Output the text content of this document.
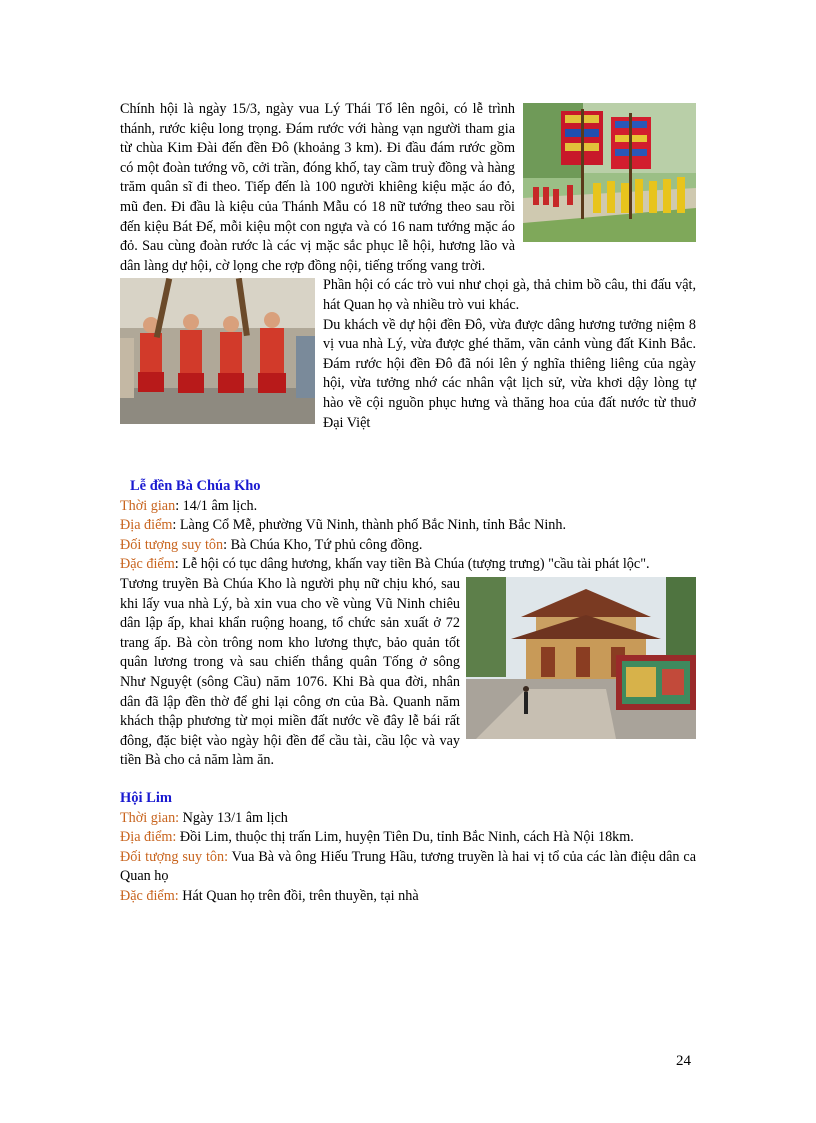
Chính hội là ngày 15/3, ngày vua Lý Thái Tổ lên ngôi, có lễ trình thánh, rước kiệu long trọng. Đám rước với hàng vạn người tham gia từ chùa Kim Đài đến đền Đô (khoảng 3 km). Đi đầu đám rước gồm có một đoàn tướng võ, cởi trần, đóng khố, tay cầm truỳ đồng và hàng trăm quân sĩ đi theo. Tiếp đến là 100 người khiêng kiệu mặc áo đỏ, mũ đen. Đi đầu là kiệu của Thánh Mẫu có 18 nữ tướng theo sau rồi đến kiệu Bát Đế, mỗi kiệu một con ngựa và có 16 nam tướng mặc áo đỏ. Sau cùng đoàn rước là các vị mặc sắc phục lễ hội, hương lão và dân làng dự hội, cờ lọng che rợp đồng nội, tiếng trống vang trời.

Phần hội có các trò vui như chọi gà, thả chim bồ câu, thi đấu vật, hát Quan họ và nhiều trò vui khác.

Du khách về dự hội đền Đô, vừa được dâng hương tưởng niệm 8 vị vua nhà Lý, vừa được ghé thăm, vãn cảnh vùng đất Kinh Bắc. Đám rước hội đền Đô đã nói lên ý nghĩa thiêng liêng của ngày hội, vừa tưởng nhớ các nhân vật lịch sử, vừa khơi dậy lòng tự hào về cội nguồn phục hưng và thăng hoa của đất nước từ thuở Đại Việt

Lễ đền Bà Chúa Kho

Thời gian: 14/1 âm lịch.

Địa điểm: Làng Cổ Mễ, phường Vũ Ninh, thành phố Bắc Ninh, tỉnh Bắc Ninh.

Đối tượng suy tôn: Bà Chúa Kho, Tứ phủ công đồng.

Đặc điểm: Lễ hội có tục dâng hương, khấn vay tiền Bà Chúa (tượng trưng) "cầu tài phát lộc".

Tương truyền Bà Chúa Kho là người phụ nữ chịu khó, sau khi lấy vua nhà Lý, bà xin vua cho về vùng Vũ Ninh chiêu dân lập ấp, khai khẩn ruộng hoang, tổ chức sản xuất ở 72 trang ấp. Bà còn trông nom kho lương thực, bảo quản tốt quân lương trong và sau chiến thắng quân Tống ở sông Như Nguyệt (sông Cầu) năm 1076. Khi Bà qua đời, nhân dân đã lập đền thờ để ghi lại công ơn của Bà. Quanh năm khách thập phương từ mọi miền đất nước về đây lễ bái rất đông, đặc biệt vào ngày hội đền để cầu tài, cầu lộc và vay tiền Bà cho cả năm làm ăn.

Hội Lim

Thời gian: Ngày 13/1 âm lịch

Địa điểm: Đồi Lim, thuộc thị trấn Lim, huyện Tiên Du, tỉnh Bắc Ninh, cách Hà Nội 18km.

Đối tượng suy tôn: Vua Bà và ông Hiếu Trung Hầu, tương truyền là hai vị tổ của các làn điệu dân ca Quan họ

Đặc điểm: Hát Quan họ trên đồi, trên thuyền, tại nhà

24
